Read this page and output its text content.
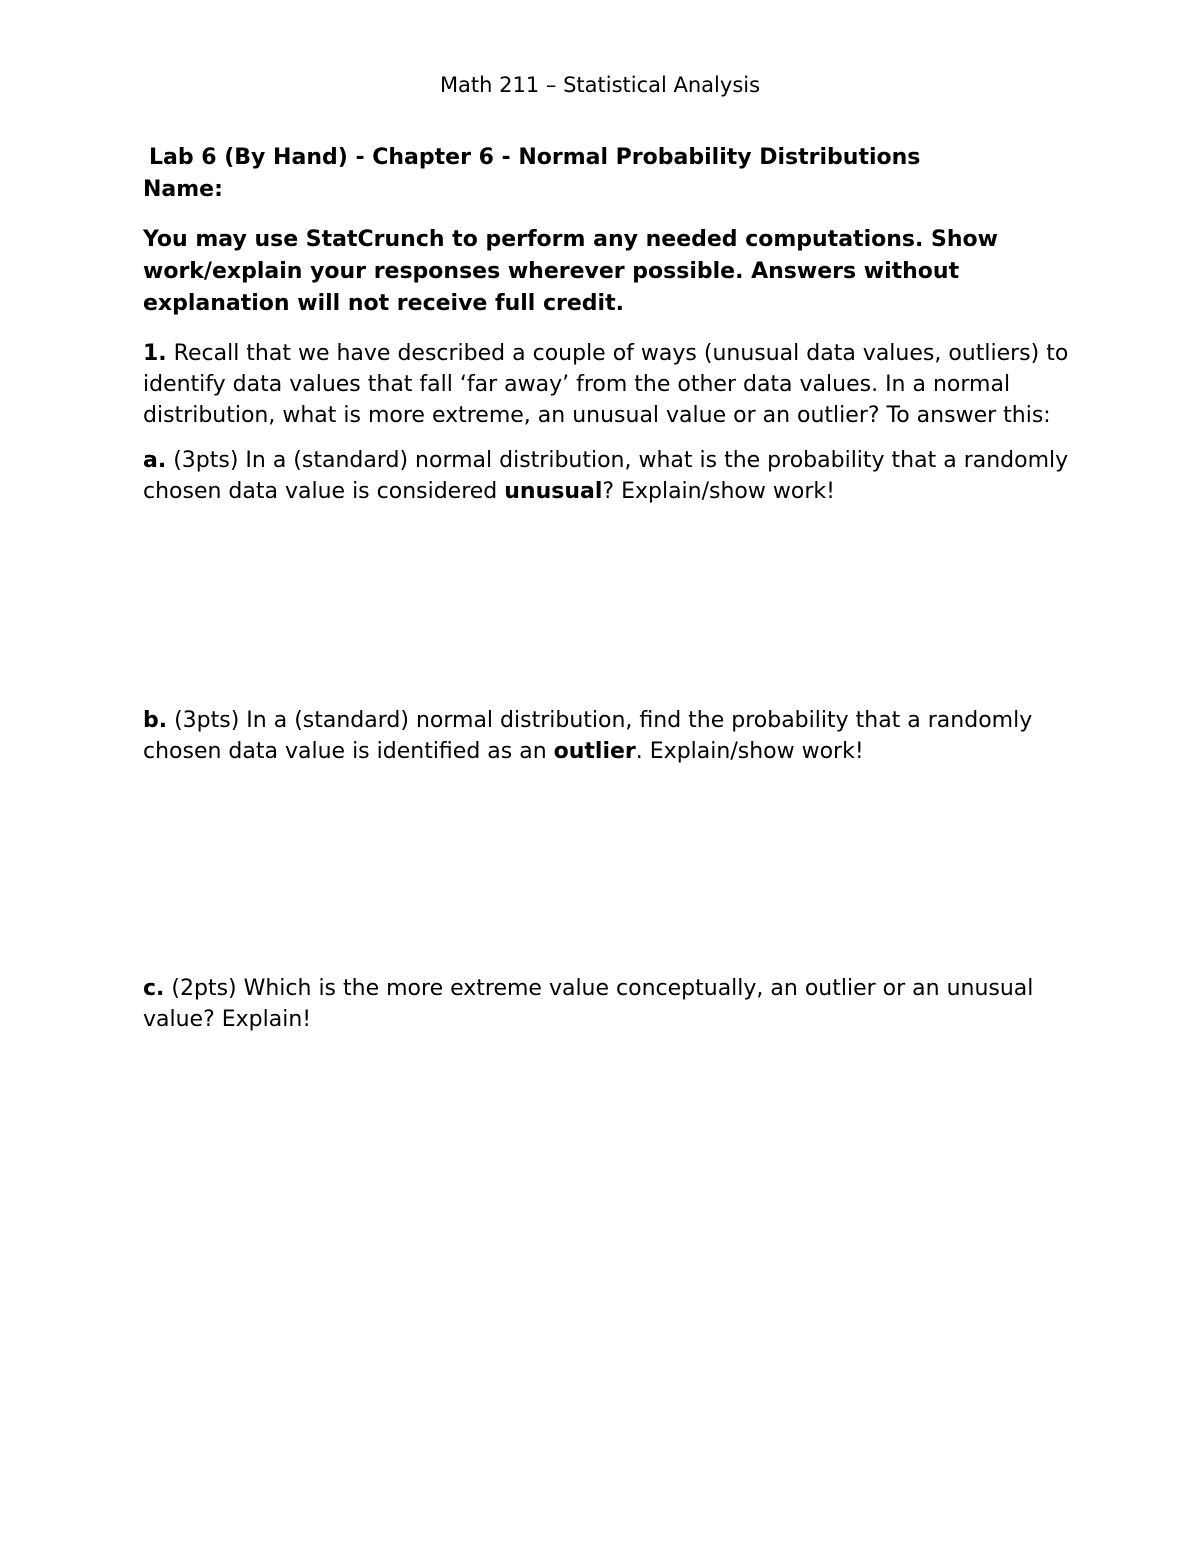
Math 211 – Statistical Analysis

Lab 6 (By Hand) - Chapter 6 - Normal Probability Distributions
Name:

You may use StatCrunch to perform any needed computations. Show work/explain your responses wherever possible. Answers without explanation will not receive full credit.

1. Recall that we have described a couple of ways (unusual data values, outliers) to identify data values that fall ‘far away’ from the other data values. In a normal distribution, what is more extreme, an unusual value or an outlier? To answer this:

a. (3pts) In a (standard) normal distribution, what is the probability that a randomly chosen data value is considered unusual? Explain/show work!

b. (3pts) In a (standard) normal distribution, find the probability that a randomly chosen data value is identified as an outlier. Explain/show work!

c. (2pts) Which is the more extreme value conceptually, an outlier or an unusual value? Explain!
